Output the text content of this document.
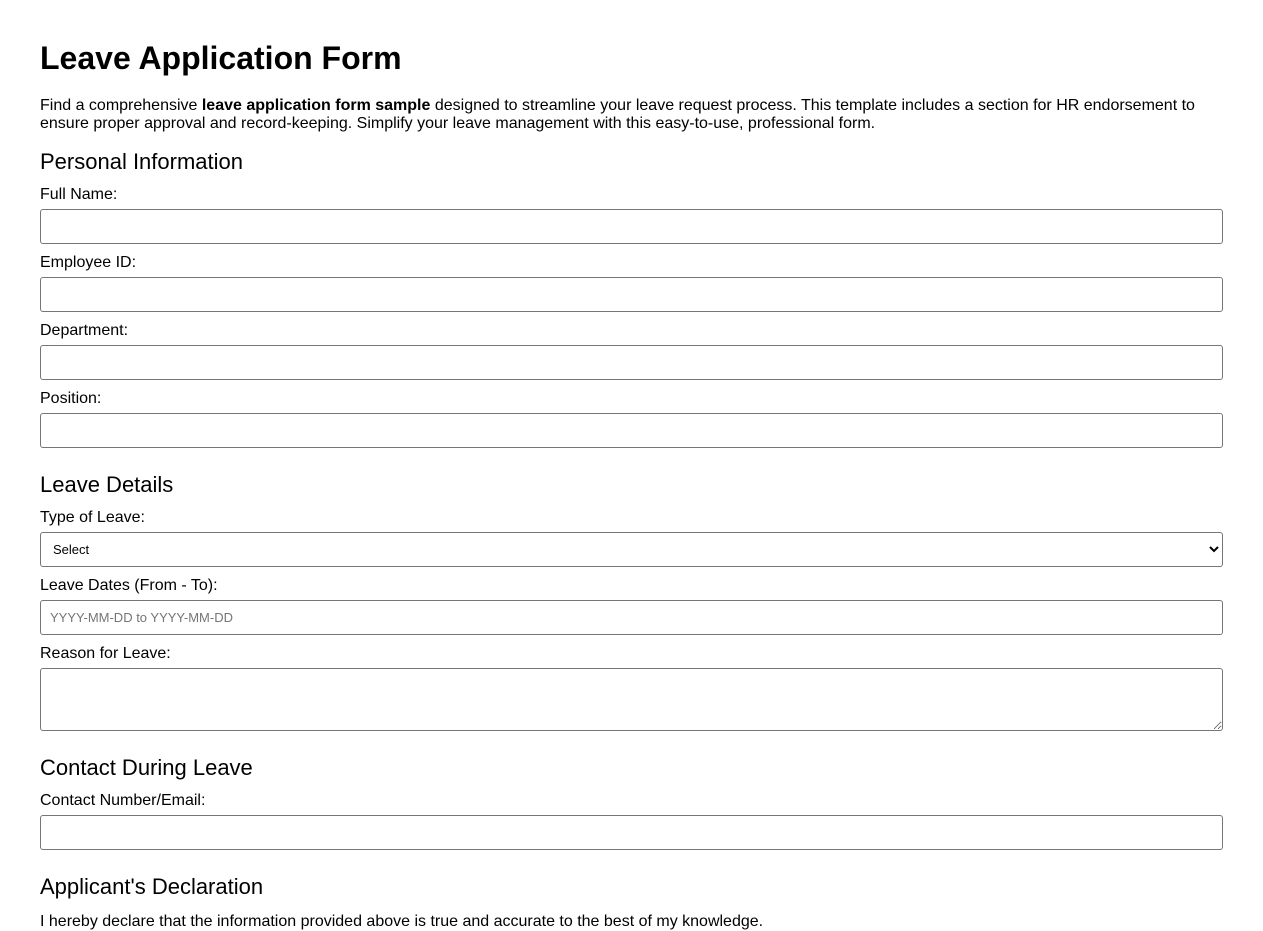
Leave Application Form

Find a comprehensive leave application form sample designed to streamline your leave request process. This template includes a section for HR endorsement to ensure proper approval and record-keeping. Simplify your leave management with this easy-to-use, professional form.

Personal Information
Full Name:
Employee ID:
Department:
Position:
Leave Details
Type of Leave:
Select
Leave Dates (From - To):
YYYY-MM-DD to YYYY-MM-DD
Reason for Leave:
Contact During Leave
Contact Number/Email:
Applicant's Declaration
I hereby declare that the information provided above is true and accurate to the best of my knowledge.
